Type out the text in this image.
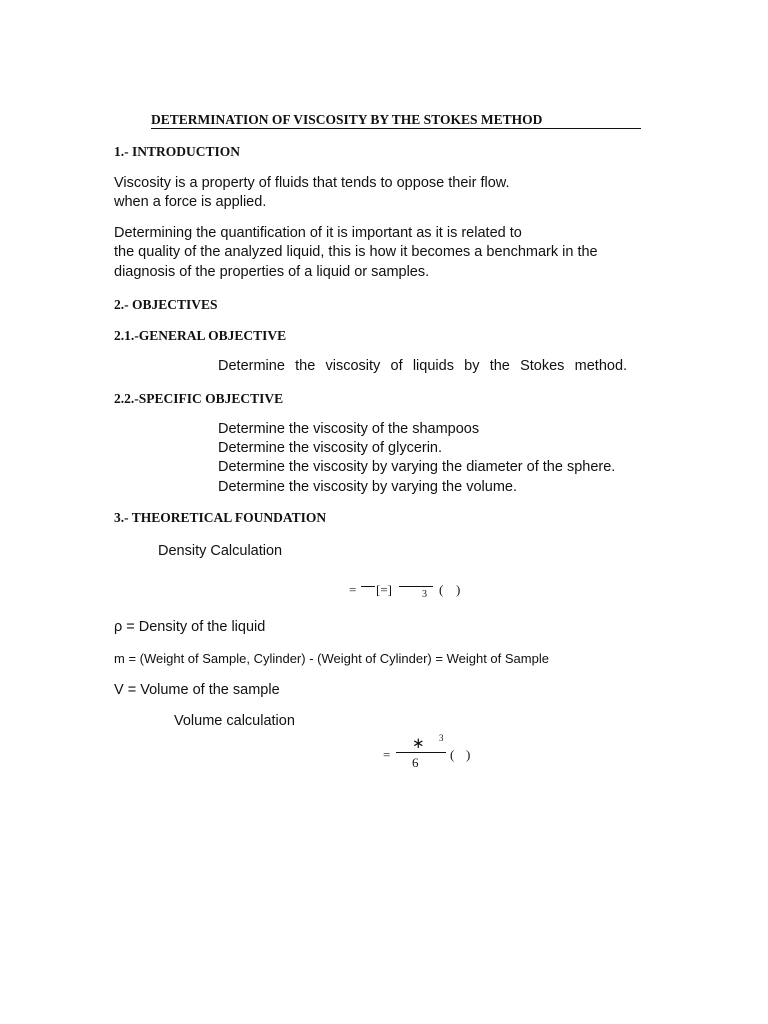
DETERMINATION OF VISCOSITY BY THE STOKES METHOD
1.- INTRODUCTION
Viscosity is a property of fluids that tends to oppose their flow.
when a force is applied.
Determining the quantification of it is important as it is related to
the quality of the analyzed liquid, this is how it becomes a benchmark in the
diagnosis of the properties of a liquid or samples.
2.- OBJECTIVES
2.1.-GENERAL OBJECTIVE
Determine the viscosity of liquids by the Stokes method.
2.2.-SPECIFIC OBJECTIVE
Determine the viscosity of the shampoos
Determine the viscosity of glycerin.
Determine the viscosity by varying the diameter of the sphere.
Determine the viscosity by varying the volume.
3.- THEORETICAL FOUNDATION
Density Calculation
= [=]	3 ( )
ρ = Density of the liquid
m = (Weight of Sample, Cylinder) - (Weight of Cylinder) = Weight of Sample
V = Volume of the sample
Volume calculation
=
∗ 3
6
( )
